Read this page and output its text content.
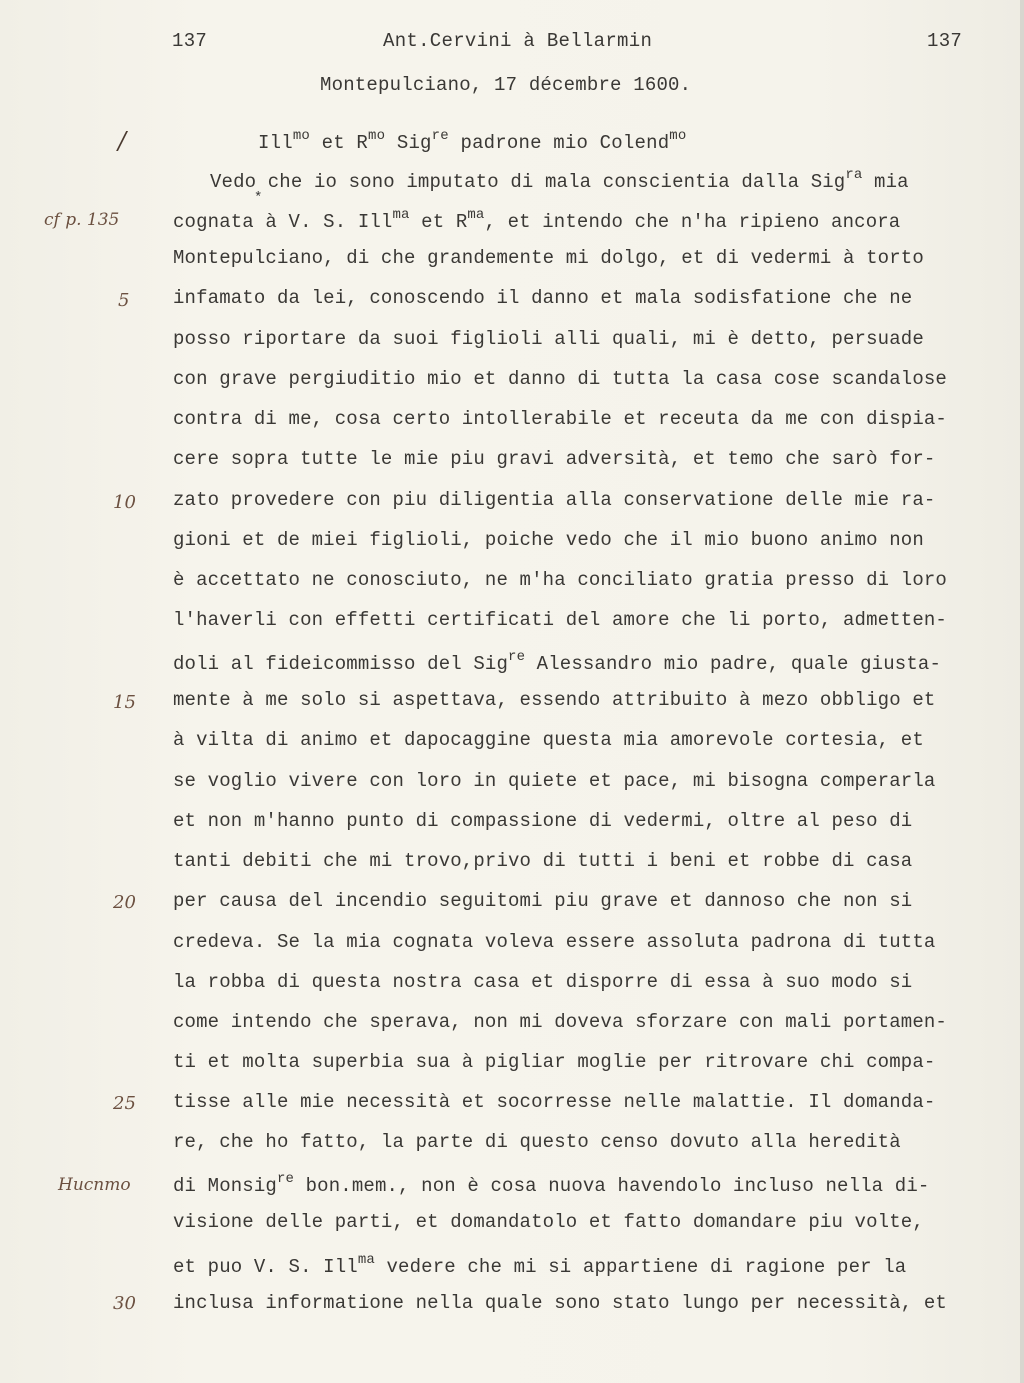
137	Ant.Cervini à Bellarmin	137
Montepulciano, 17 décembre 1600.
/	Ill$^{mo}$ et $R^{mo}$ Sig$^{re}$ padrone mio Colend$^{mo}$
*
cf p. 135
5
10
15
20
25
Hucnmo
30
Vedo che io sono imputato di mala conscientia dalla Sig$^{ra}$ mia
cognata à V. S. Ill$^{ma}$ et $R^{ma}$, et intendo che n'ha ripieno ancora
Montepulciano, di che grandemente mi dolgo, et di vedermi à torto
infamato da lei, conoscendo il danno et mala sodisfatione che ne
posso riportare da suoi figlioli alli quali, mi è detto, persuade
con grave pergiuditio mio et danno di tutta la casa cose scandalose
contra di me, cosa certo intollerabile et receuta da me con dispia-
cere sopra tutte le mie piu gravi adversità, et temo che sarò for-
zato provedere con piu diligentia alla conservatione delle mie ra-
gioni et de miei figlioli, poiche vedo che il mio buono animo non
è accettato ne conosciuto, ne m'ha conciliato gratia presso di loro
l'haverli con effetti certificati del amore che li porto, admetten-
doli al fideicommisso del Sig$^{re}$ Alessandro mio padre, quale giusta-
mente à me solo si aspettava, essendo attribuito à mezo obbligo et
à vilta di animo et dapocaggine questa mia amorevole cortesia, et
se voglio vivere con loro in quiete et pace, mi bisogna comperarla
et non m'hanno punto di compassione di vedermi, oltre al peso di
tanti debiti che mi trovo,privo di tutti i beni et robbe di casa
per causa del incendio seguitomi piu grave et dannoso che non si
credeva. Se la mia cognata voleva essere assoluta padrona di tutta
la robba di questa nostra casa et disporre di essa à suo modo si
come intendo che sperava, non mi doveva sforzare con mali portamen-
ti et molta superbia sua à pigliar moglie per ritrovare chi compa-
tisse alle mie necessità et socorresse nelle malattie. Il domanda-
re, che ho fatto, la parte di questo censo dovuto alla heredità
di Monsig$^{re}$ bon.mem., non è cosa nuova havendolo incluso nella di-
visione delle parti, et domandatolo et fatto domandare piu volte,
et puo V. S. Ill$^{ma}$ vedere che mi si appartiene di ragione per la
inclusa informatione nella quale sono stato lungo per necessità, et
